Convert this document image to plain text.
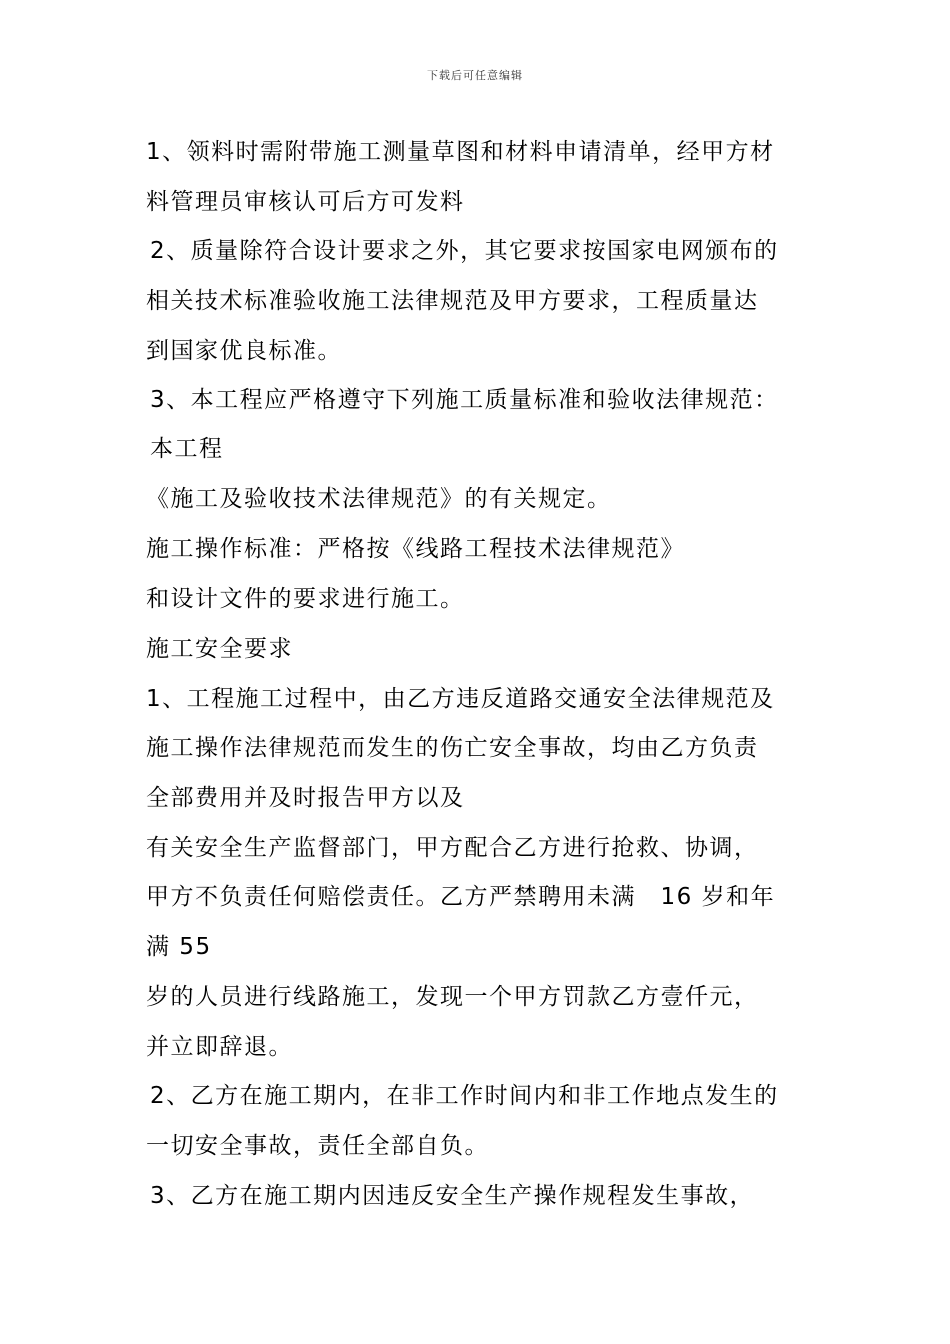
下载后可任意编辑
1、领料时需附带施工测量草图和材料申请清单，经甲方材
料管理员审核认可后方可发料
2、质量除符合设计要求之外，其它要求按国家电网颁布的
相关技术标准验收施工法律规范及甲方要求，工程质量达
到国家优良标准。
3、本工程应严格遵守下列施工质量标准和验收法律规范：
本工程
《施工及验收技术法律规范》的有关规定。
施工操作标准：严格按《线路工程技术法律规范》
和设计文件的要求进行施工。
施工安全要求
1、工程施工过程中，由乙方违反道路交通安全法律规范及
施工操作法律规范而发生的伤亡安全事故，均由乙方负责
全部费用并及时报告甲方以及
有关安全生产监督部门，甲方配合乙方进行抢救、协调，
甲方不负责任何赔偿责任。乙方严禁聘用未满　16 岁和年
满 55
岁的人员进行线路施工，发现一个甲方罚款乙方壹仟元，
并立即辞退。
2、乙方在施工期内，在非工作时间内和非工作地点发生的
一切安全事故，责任全部自负。
3、乙方在施工期内因违反安全生产操作规程发生事故，
